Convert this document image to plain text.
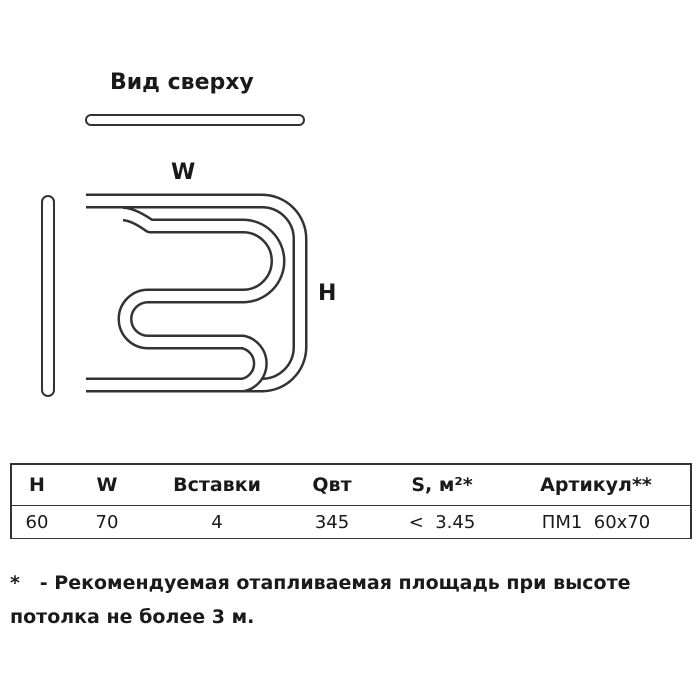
Вид сверху
W
H
H	W	Вставки	Qвт	S, м²*	Артикул**
60	70	4	345	<  3.45	ПМ1  60x70
* - Рекомендуемая отапливаемая площадь при высоте
потолка не более 3 м.
